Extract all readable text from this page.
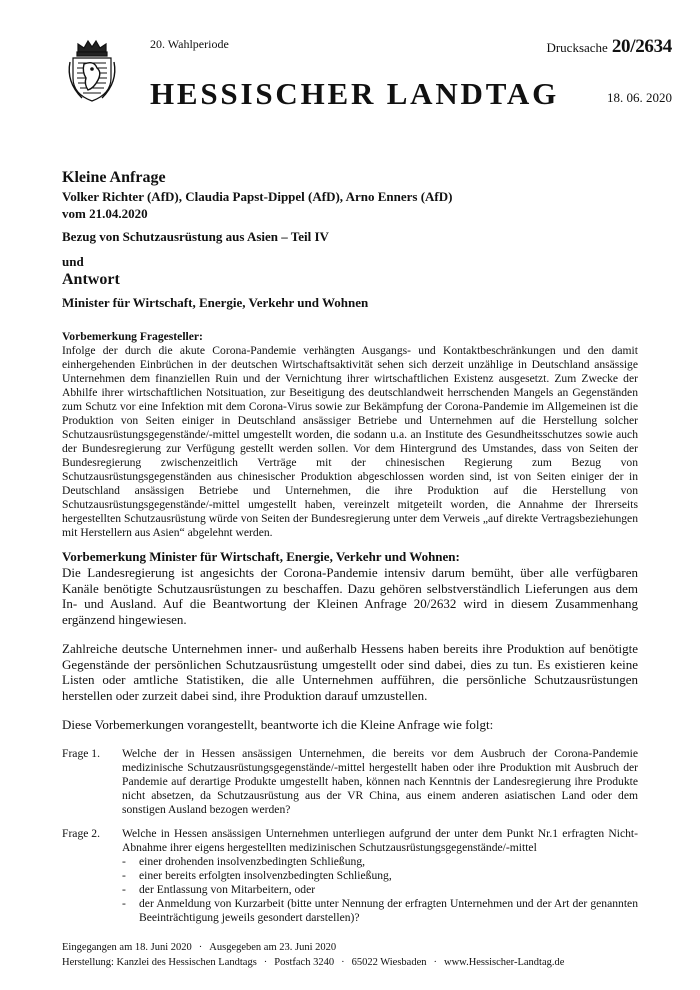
20. Wahlperiode	Drucksache 20/2634
HESSISCHER LANDTAG	18. 06. 2020
Kleine Anfrage
Volker Richter (AfD), Claudia Papst-Dippel (AfD), Arno Enners (AfD)
vom 21.04.2020
Bezug von Schutzausrüstung aus Asien – Teil IV
und
Antwort
Minister für Wirtschaft, Energie, Verkehr und Wohnen
Vorbemerkung Fragesteller:

Infolge der durch die akute Corona-Pandemie verhängten Ausgangs- und Kontaktbeschränkungen und den damit einhergehenden Einbrüchen in der deutschen Wirtschaftsaktivität sehen sich derzeit unzählige in Deutschland ansässige Unternehmen dem finanziellen Ruin und der Vernichtung ihrer wirtschaftlichen Existenz ausgesetzt. Zum Zwecke der Abhilfe ihrer wirtschaftlichen Notsituation, zur Beseitigung des deutschlandweit herrschenden Mangels an Gegenständen zum Schutz vor eine Infektion mit dem Corona-Virus sowie zur Bekämpfung der Corona-Pandemie im Allgemeinen ist die Produktion von Seiten einiger in Deutschland ansässiger Betriebe und Unternehmen auf die Herstellung solcher Schutzausrüstungsgegenstände/-mittel umgestellt worden, die sodann u.a. an Institute des Gesundheitsschutzes sowie auch der Bundesregierung zur Verfügung gestellt werden sollen. Vor dem Hintergrund des Umstandes, dass von Seiten der Bundesregierung zwischenzeitlich Verträge mit der chinesischen Regierung zum Bezug von Schutzausrüstungsgegenständen aus chinesischer Produktion abgeschlossen worden sind, ist von Seiten einiger der in Deutschland ansässigen Betriebe und Unternehmen, die ihre Produktion auf die Herstellung von Schutzausrüstungsgegenstände/-mittel umgestellt haben, vereinzelt mitgeteilt worden, die Annahme der Ihrerseits hergestellten Schutzausrüstung würde von Seiten der Bundesregierung unter dem Verweis „auf direkte Vertragsbeziehungen mit Herstellern aus Asien“ abgelehnt werden.

Vorbemerkung Minister für Wirtschaft, Energie, Verkehr und Wohnen:

Die Landesregierung ist angesichts der Corona-Pandemie intensiv darum bemüht, über alle verfügbaren Kanäle benötigte Schutzausrüstungen zu beschaffen. Dazu gehören selbstverständlich Lieferungen aus dem In- und Ausland. Auf die Beantwortung der Kleinen Anfrage 20/2632 wird in diesem Zusammenhang ergänzend hingewiesen.

Zahlreiche deutsche Unternehmen inner- und außerhalb Hessens haben bereits ihre Produktion auf benötigte Gegenstände der persönlichen Schutzausrüstung umgestellt oder sind dabei, dies zu tun. Es existieren keine Listen oder amtliche Statistiken, die alle Unternehmen aufführen, die persönliche Schutzausrüstungen herstellen oder zurzeit dabei sind, ihre Produktion darauf umzustellen.

Diese Vorbemerkungen vorangestellt, beantworte ich die Kleine Anfrage wie folgt:

Frage 1.	Welche der in Hessen ansässigen Unternehmen, die bereits vor dem Ausbruch der Corona-Pandemie medizinische Schutzausrüstungsgegenstände/-mittel hergestellt haben oder ihre Produktion mit Ausbruch der Pandemie auf derartige Produkte umgestellt haben, können nach Kenntnis der Landesregierung ihre Produkte nicht absetzen, da Schutzausrüstung aus der VR China, aus einem anderen asiatischen Land oder dem sonstigen Ausland bezogen werden?
Frage 2.	Welche in Hessen ansässigen Unternehmen unterliegen aufgrund der unter dem Punkt Nr.1 erfragten Nicht-Abnahme ihrer eigens hergestellten medizinischen Schutzausrüstungsgegenstände/-mittel
-	einer drohenden insolvenzbedingten Schließung,
-	einer bereits erfolgten insolvenzbedingten Schließung,
-	der Entlassung von Mitarbeitern, oder
-	der Anmeldung von Kurzarbeit (bitte unter Nennung der erfragten Unternehmen und der Art der genannten Beeinträchtigung jeweils gesondert darstellen)?
Eingegangen am 18. Juni 2020 · Ausgegeben am 23. Juni 2020
Herstellung: Kanzlei des Hessischen Landtags · Postfach 3240 · 65022 Wiesbaden · www.Hessischer-Landtag.de
